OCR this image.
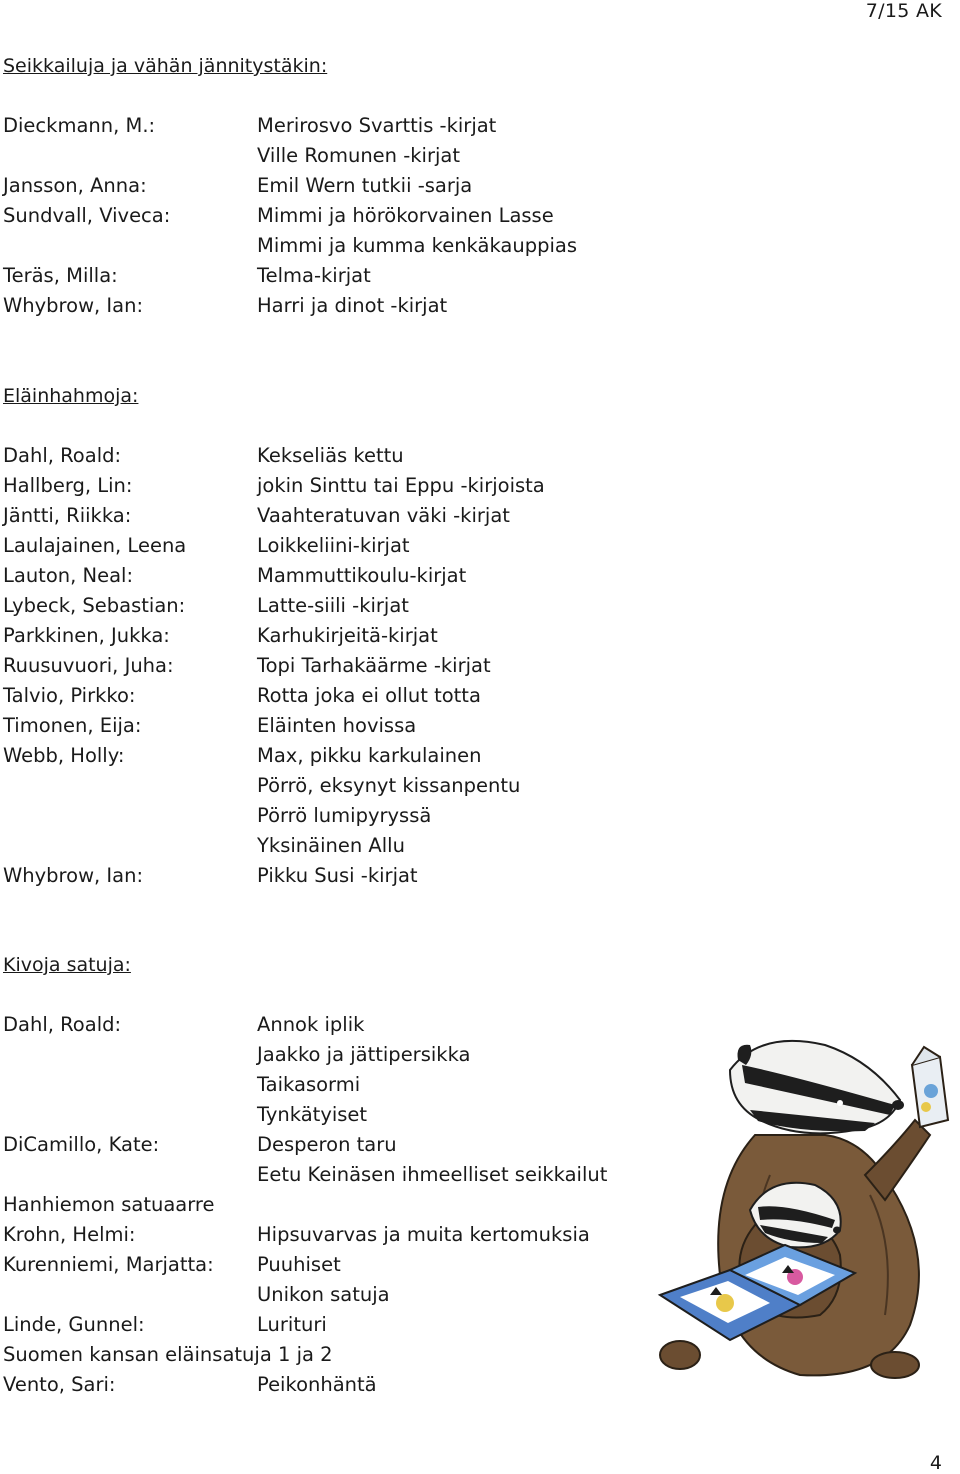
7/15 AK
Seikkailuja ja vähän jännitystäkin:
Dieckmann, M.:	Merirosvo Svarttis -kirjat
Ville Romunen -kirjat
Jansson, Anna:	Emil Wern tutkii -sarja
Sundvall, Viveca:	Mimmi ja hörökorvainen Lasse
Mimmi ja kumma kenkäkauppias
Teräs, Milla:	Telma-kirjat
Whybrow, Ian:	Harri ja dinot -kirjat
Eläinhahmoja:
Dahl, Roald:	Kekseliäs kettu
Hallberg, Lin:	jokin Sinttu tai Eppu -kirjoista
Jäntti, Riikka:	Vaahteratuvan väki -kirjat
Laulajainen, Leena	Loikkeliini-kirjat
Lauton, Neal:	Mammuttikoulu-kirjat
Lybeck, Sebastian:	Latte-siili -kirjat
Parkkinen, Jukka:	Karhukirjeitä-kirjat
Ruusuvuori, Juha:	Topi Tarhakäärme -kirjat
Talvio, Pirkko:	Rotta joka ei ollut totta
Timonen, Eija:	Eläinten hovissa
Webb, Holly:	Max, pikku karkulainen
Pörrö, eksynyt kissanpentu
Pörrö lumipyryssä
Yksinäinen Allu
Whybrow, Ian:	Pikku Susi -kirjat
Kivoja satuja:
Dahl, Roald:	Annok iplik
Jaakko ja jättipersikka
Taikasormi
Tynkätyiset
DiCamillo, Kate:	Desperon taru
Eetu Keinäsen ihmeelliset seikkailut
Hanhiemon satuaarre
Krohn, Helmi:	Hipsuvarvas ja muita kertomuksia
Kurenniemi, Marjatta: Puuhiset
Unikon satuja
Linde, Gunnel:	Lurituri
Suomen kansan eläinsatuja 1 ja 2
Vento, Sari:	Peikonhäntä
4
